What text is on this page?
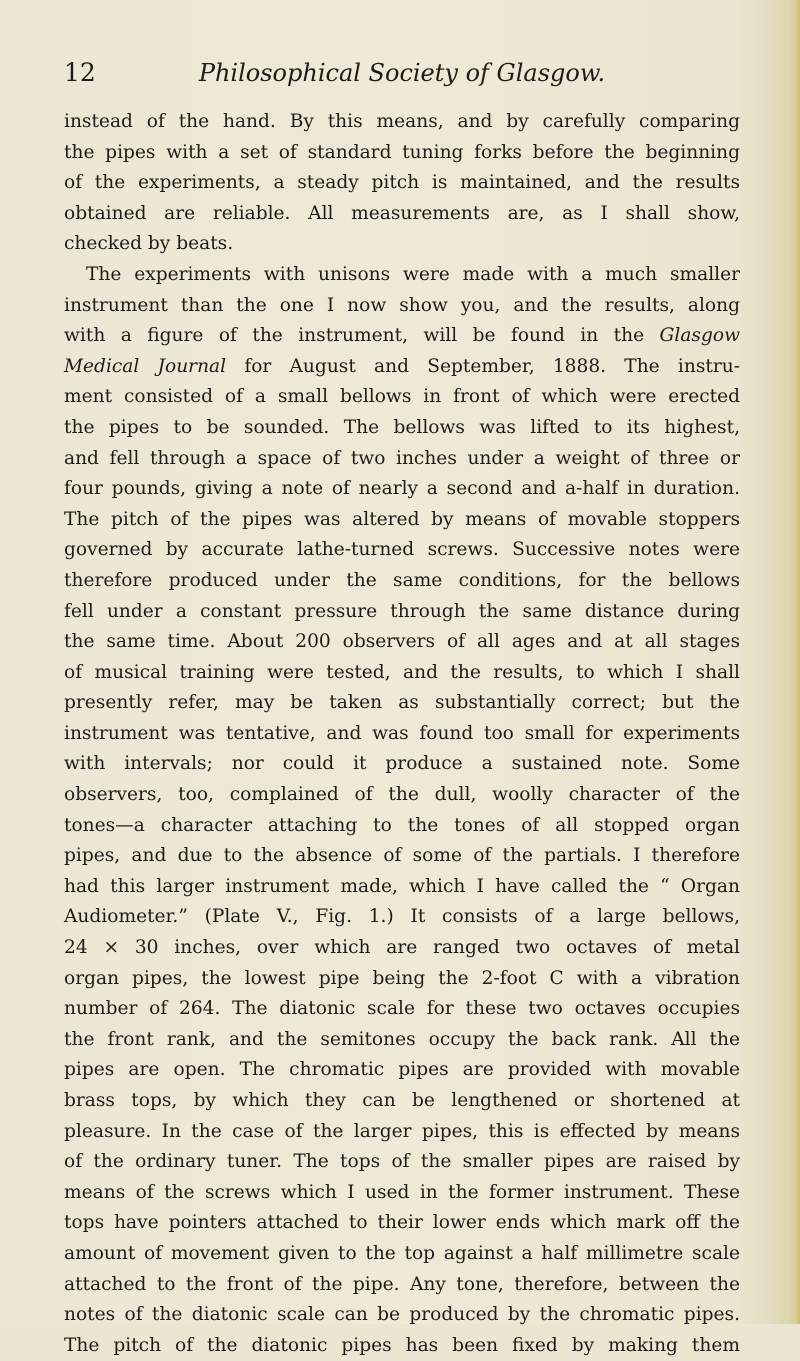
12	Philosophical Society of Glasgow.
instead of the hand. By this means, and by carefully comparing
the pipes with a set of standard tuning forks before the beginning
of the experiments, a steady pitch is maintained, and the results
obtained are reliable. All measurements are, as I shall show,
checked by beats.
The experiments with unisons were made with a much smaller
instrument than the one I now show you, and the results, along
with a figure of the instrument, will be found in the Glasgow
Medical Journal for August and September, 1888. The instru-
ment consisted of a small bellows in front of which were erected
the pipes to be sounded. The bellows was lifted to its highest,
and fell through a space of two inches under a weight of three or
four pounds, giving a note of nearly a second and a-half in duration.
The pitch of the pipes was altered by means of movable stoppers
governed by accurate lathe-turned screws. Successive notes were
therefore produced under the same conditions, for the bellows
fell under a constant pressure through the same distance during
the same time. About 200 observers of all ages and at all stages
of musical training were tested, and the results, to which I shall
presently refer, may be taken as substantially correct; but the
instrument was tentative, and was found too small for experiments
with intervals; nor could it produce a sustained note. Some
observers, too, complained of the dull, woolly character of the
tones—a character attaching to the tones of all stopped organ
pipes, and due to the absence of some of the partials. I therefore
had this larger instrument made, which I have called the “ Organ
Audiometer.” (Plate V., Fig. 1.) It consists of a large bellows,
24 × 30 inches, over which are ranged two octaves of metal
organ pipes, the lowest pipe being the 2-foot C with a vibration
number of 264. The diatonic scale for these two octaves occupies
the front rank, and the semitones occupy the back rank. All the
pipes are open. The chromatic pipes are provided with movable
brass tops, by which they can be lengthened or shortened at
pleasure. In the case of the larger pipes, this is effected by means
of the ordinary tuner. The tops of the smaller pipes are raised by
means of the screws which I used in the former instrument. These
tops have pointers attached to their lower ends which mark off the
amount of movement given to the top against a half millimetre scale
attached to the front of the pipe. Any tone, therefore, between the
notes of the diatonic scale can be produced by the chromatic pipes.
The pitch of the diatonic pipes has been fixed by making them
